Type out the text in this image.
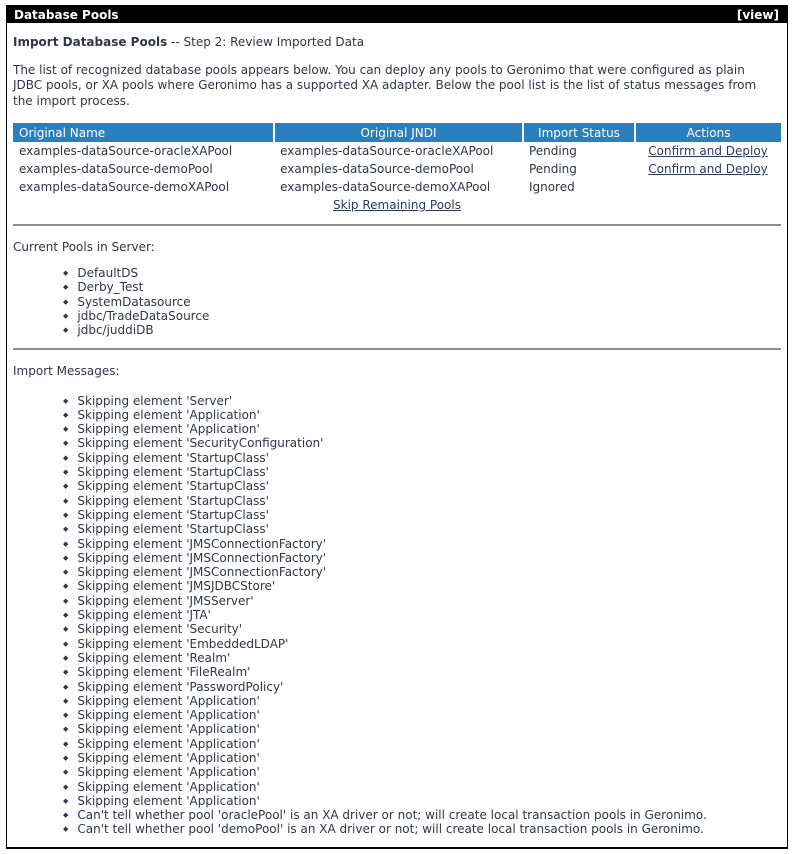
Database Pools	[view]
Import Database Pools -- Step 2: Review Imported Data

The list of recognized database pools appears below. You can deploy any pools to Geronimo that were configured as plain JDBC pools, or XA pools where Geronimo has a supported XA adapter. Below the pool list is the list of status messages from the import process.

Original Name	Original JNDI	Import Status	Actions
examples-dataSource-oracleXAPool	examples-dataSource-oracleXAPool	Pending	Confirm and Deploy
examples-dataSource-demoPool	examples-dataSource-demoPool	Pending	Confirm and Deploy
examples-dataSource-demoXAPool	examples-dataSource-demoXAPool	Ignored	
Skip Remaining Pools			
Current Pools in Server:
◆ DefaultDS
◆ Derby_Test
◆ SystemDatasource
◆ jdbc/TradeDataSource
◆ jdbc/juddiDB
Import Messages:
◆ Skipping element 'Server'
◆ Skipping element 'Application'
◆ Skipping element 'Application'
◆ Skipping element 'SecurityConfiguration'
◆ Skipping element 'StartupClass'
◆ Skipping element 'StartupClass'
◆ Skipping element 'StartupClass'
◆ Skipping element 'StartupClass'
◆ Skipping element 'StartupClass'
◆ Skipping element 'StartupClass'
◆ Skipping element 'JMSConnectionFactory'
◆ Skipping element 'JMSConnectionFactory'
◆ Skipping element 'JMSConnectionFactory'
◆ Skipping element 'JMSJDBCStore'
◆ Skipping element 'JMSServer'
◆ Skipping element 'JTA'
◆ Skipping element 'Security'
◆ Skipping element 'EmbeddedLDAP'
◆ Skipping element 'Realm'
◆ Skipping element 'FileRealm'
◆ Skipping element 'PasswordPolicy'
◆ Skipping element 'Application'
◆ Skipping element 'Application'
◆ Skipping element 'Application'
◆ Skipping element 'Application'
◆ Skipping element 'Application'
◆ Skipping element 'Application'
◆ Skipping element 'Application'
◆ Skipping element 'Application'
◆ Can't tell whether pool 'oraclePool' is an XA driver or not; will create local transaction pools in Geronimo.
◆ Can't tell whether pool 'demoPool' is an XA driver or not; will create local transaction pools in Geronimo.
